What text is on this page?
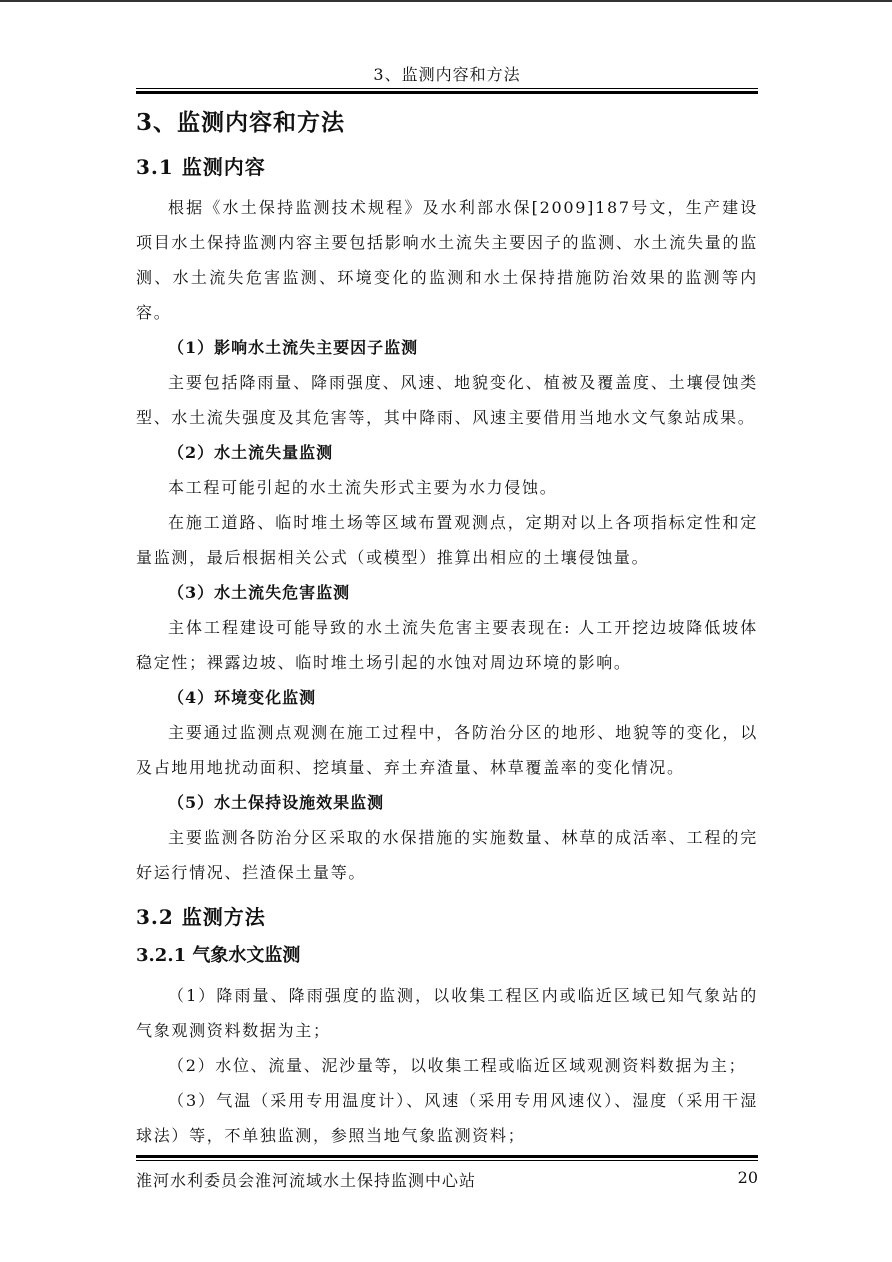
3、监测内容和方法
3、监测内容和方法
3.1 监测内容

根据《水土保持监测技术规程》及水利部水保[2009]187号文，生产建设项目水土保持监测内容主要包括影响水土流失主要因子的监测、水土流失量的监测、水土流失危害监测、环境变化的监测和水土保持措施防治效果的监测等内容。

（1）影响水土流失主要因子监测

主要包括降雨量、降雨强度、风速、地貌变化、植被及覆盖度、土壤侵蚀类型、水土流失强度及其危害等，其中降雨、风速主要借用当地水文气象站成果。

（2）水土流失量监测

本工程可能引起的水土流失形式主要为水力侵蚀。

在施工道路、临时堆土场等区域布置观测点，定期对以上各项指标定性和定量监测，最后根据相关公式（或模型）推算出相应的土壤侵蚀量。

（3）水土流失危害监测

主体工程建设可能导致的水土流失危害主要表现在: 人工开挖边坡降低坡体稳定性；裸露边坡、临时堆土场引起的水蚀对周边环境的影响。

（4）环境变化监测

主要通过监测点观测在施工过程中，各防治分区的地形、地貌等的变化，以及占地用地扰动面积、挖填量、弃土弃渣量、林草覆盖率的变化情况。

（5）水土保持设施效果监测

主要监测各防治分区采取的水保措施的实施数量、林草的成活率、工程的完好运行情况、拦渣保土量等。

3.2 监测方法
3.2.1 气象水文监测

（1）降雨量、降雨强度的监测，以收集工程区内或临近区域已知气象站的气象观测资料数据为主；

（2）水位、流量、泥沙量等，以收集工程或临近区域观测资料数据为主；

（3）气温（采用专用温度计）、风速（采用专用风速仪）、湿度（采用干湿球法）等，不单独监测，参照当地气象监测资料；

淮河水利委员会淮河流域水土保持监测中心站	20
